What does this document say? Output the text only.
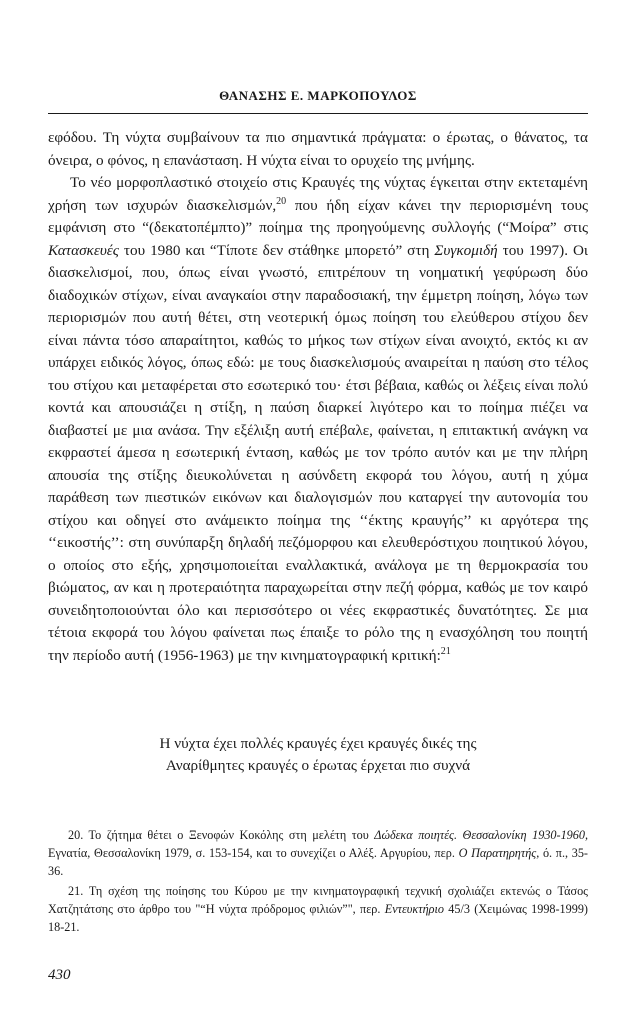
ΘΑΝΑΣΗΣ Ε. ΜΑΡΚΟΠΟΥΛΟΣ

εφόδου. Τη νύχτα συμβαίνουν τα πιο σημαντικά πράγματα: ο έρωτας, ο θάνατος, τα όνειρα, ο φόνος, η επανάσταση. Η νύχτα είναι το ορυχείο της μνήμης.

Το νέο μορφοπλαστικό στοιχείο στις Κραυγές της νύχτας έγκειται στην εκτεταμένη χρήση των ισχυρών διασκελισμών,$^{20}$ που ήδη είχαν κάνει την περιορισμένη τους εμφάνιση στο “(δεκατοπέμπτο)” ποίημα της προηγούμενης συλλογής (“Μοίρα” στις Κατασκευές του 1980 και “Τίποτε δεν στάθηκε μπορετό” στη Συγκομιδή του 1997). Οι διασκελισμοί, που, όπως είναι γνωστό, επιτρέπουν τη νοηματική γεφύρωση δύο διαδοχικών στίχων, είναι αναγκαίοι στην παραδοσιακή, την έμμετρη ποίηση, λόγω των περιορισμών που αυτή θέτει, στη νεοτερική όμως ποίηση του ελεύθερου στίχου δεν είναι πάντα τόσο απαραίτητοι, καθώς το μήκος των στίχων είναι ανοιχτό, εκτός κι αν υπάρχει ειδικός λόγος, όπως εδώ: με τους διασκελισμούς αναιρείται η παύση στο τέλος του στίχου και μεταφέρεται στο εσωτερικό του· έτσι βέβαια, καθώς οι λέξεις είναι πολύ κοντά και απουσιάζει η στίξη, η παύση διαρκεί λιγότερο και το ποίημα πιέζει να διαβαστεί με μια ανάσα. Την εξέλιξη αυτή επέβαλε, φαίνεται, η επιτακτική ανάγκη να εκφραστεί άμεσα η εσωτερική ένταση, καθώς με τον τρόπο αυτόν και με την πλήρη απουσία της στίξης διευκολύνεται η ασύνδετη εκφορά του λόγου, αυτή η χύμα παράθεση των πιεστικών εικόνων και διαλογισμών που καταργεί την αυτονομία του στίχου και οδηγεί στο ανάμεικτο ποίημα της ‘‘έκτης κραυγής’’ κι αργότερα της ‘‘εικοστής’’: στη συνύπαρξη δηλαδή πεζόμορφου και ελευθερόστιχου ποιητικού λόγου, ο οποίος στο εξής, χρησιμοποιείται εναλλακτικά, ανάλογα με τη θερμοκρασία του βιώματος, αν και η προτεραιότητα παραχωρείται στην πεζή φόρμα, καθώς με τον καιρό συνειδητοποιούνται όλο και περισσότερο οι νέες εκφραστικές δυνατότητες. Σε μια τέτοια εκφορά του λόγου φαίνεται πως έπαιξε το ρόλο της η ενασχόληση του ποιητή την περίοδο αυτή (1956-1963) με την κινηματογραφική κριτική:$^{21}$

Η νύχτα έχει πολλές κραυγές έχει κραυγές δικές της
Αναρίθμητες κραυγές ο έρωτας έρχεται πιο συχνά

20. Το ζήτημα θέτει ο Ξενοφών Κοκόλης στη μελέτη του Δώδεκα ποιητές. Θεσσαλονίκη 1930-1960, Εγνατία, Θεσσαλονίκη 1979, σ. 153-154, και το συνεχίζει ο Αλέξ. Αργυρίου, περ. Ο Παρατηρητής, ό. π., 35-36.

21. Τη σχέση της ποίησης του Κύρου με την κινηματογραφική τεχνική σχολιάζει εκτενώς ο Τάσος Χατζητάτσης στο άρθρο του "“Η νύχτα πρόδρομος φιλιών”", περ. Εντευκτήριο 45/3 (Χειμώνας 1998-1999) 18-21.

430
